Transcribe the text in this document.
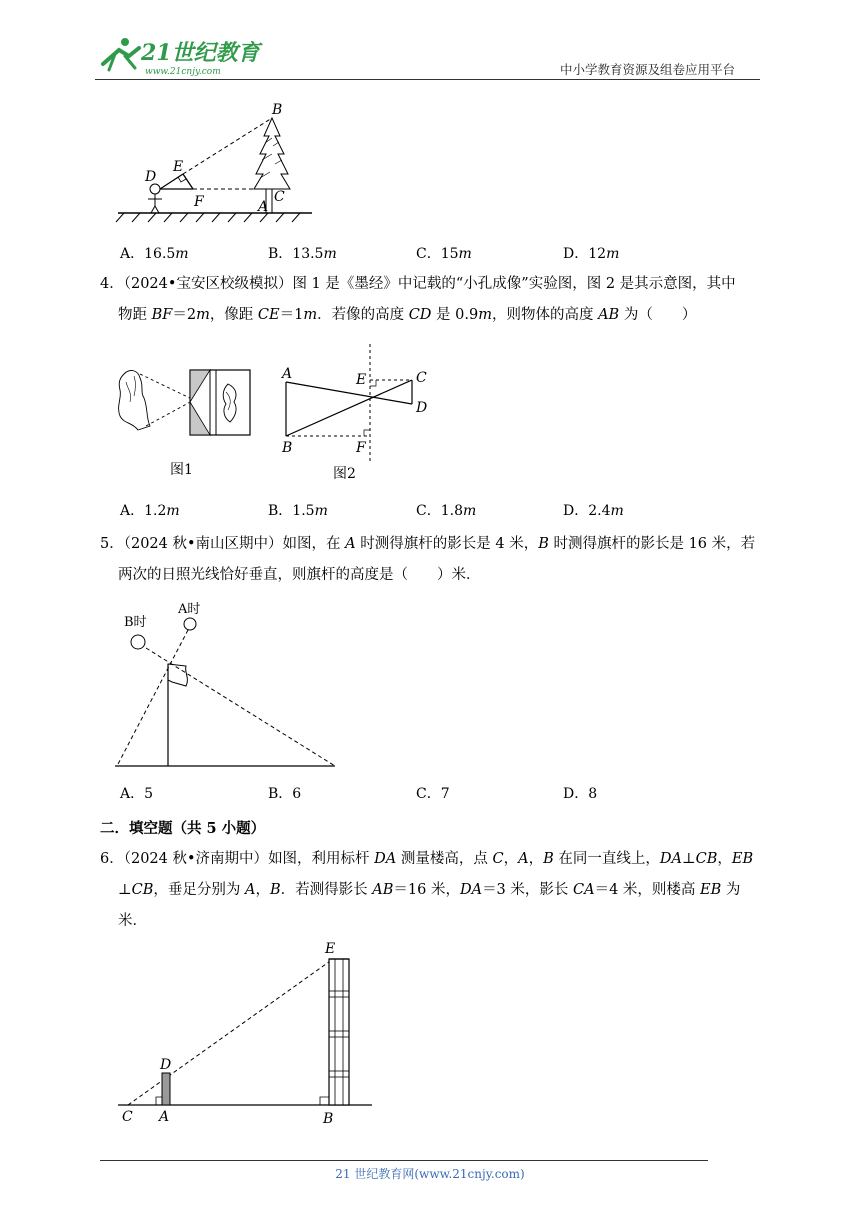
21世纪教育
www.21cnjy.com	中小学教育资源及组卷应用平台
B
E
D
F	C
A
A．16.5m	B．13.5m	C．15m	D．12m
4．（2024•宝安区校级模拟）图 1 是《墨经》中记载的“小孔成像”实验图，图 2 是其示意图，其中
物距 BF＝2m，像距 CE＝1m．若像的高度 CD 是 0.9m，则物体的高度 AB 为（　　）
图1
A
B
E
F
C
D
图2
A．1.2m	B．1.5m	C．1.8m	D．2.4m
5．（2024 秋•南山区期中）如图，在 A 时测得旗杆的影长是 4 米，B 时测得旗杆的影长是 16 米，若
两次的日照光线恰好垂直，则旗杆的高度是（　　）米．
B时
A时
A．5	B．6	C．7	D．8
二．填空题（共 5 小题）
6．（2024 秋•济南期中）如图，利用标杆 DA 测量楼高，点 C，A，B 在同一直线上，DA⊥CB，EB
⊥CB，垂足分别为 A，B．若测得影长 AB＝16 米，DA＝3 米，影长 CA＝4 米，则楼高 EB 为
米．
E
D
C A	B
21 世纪教育网(www.21cnjy.com)
